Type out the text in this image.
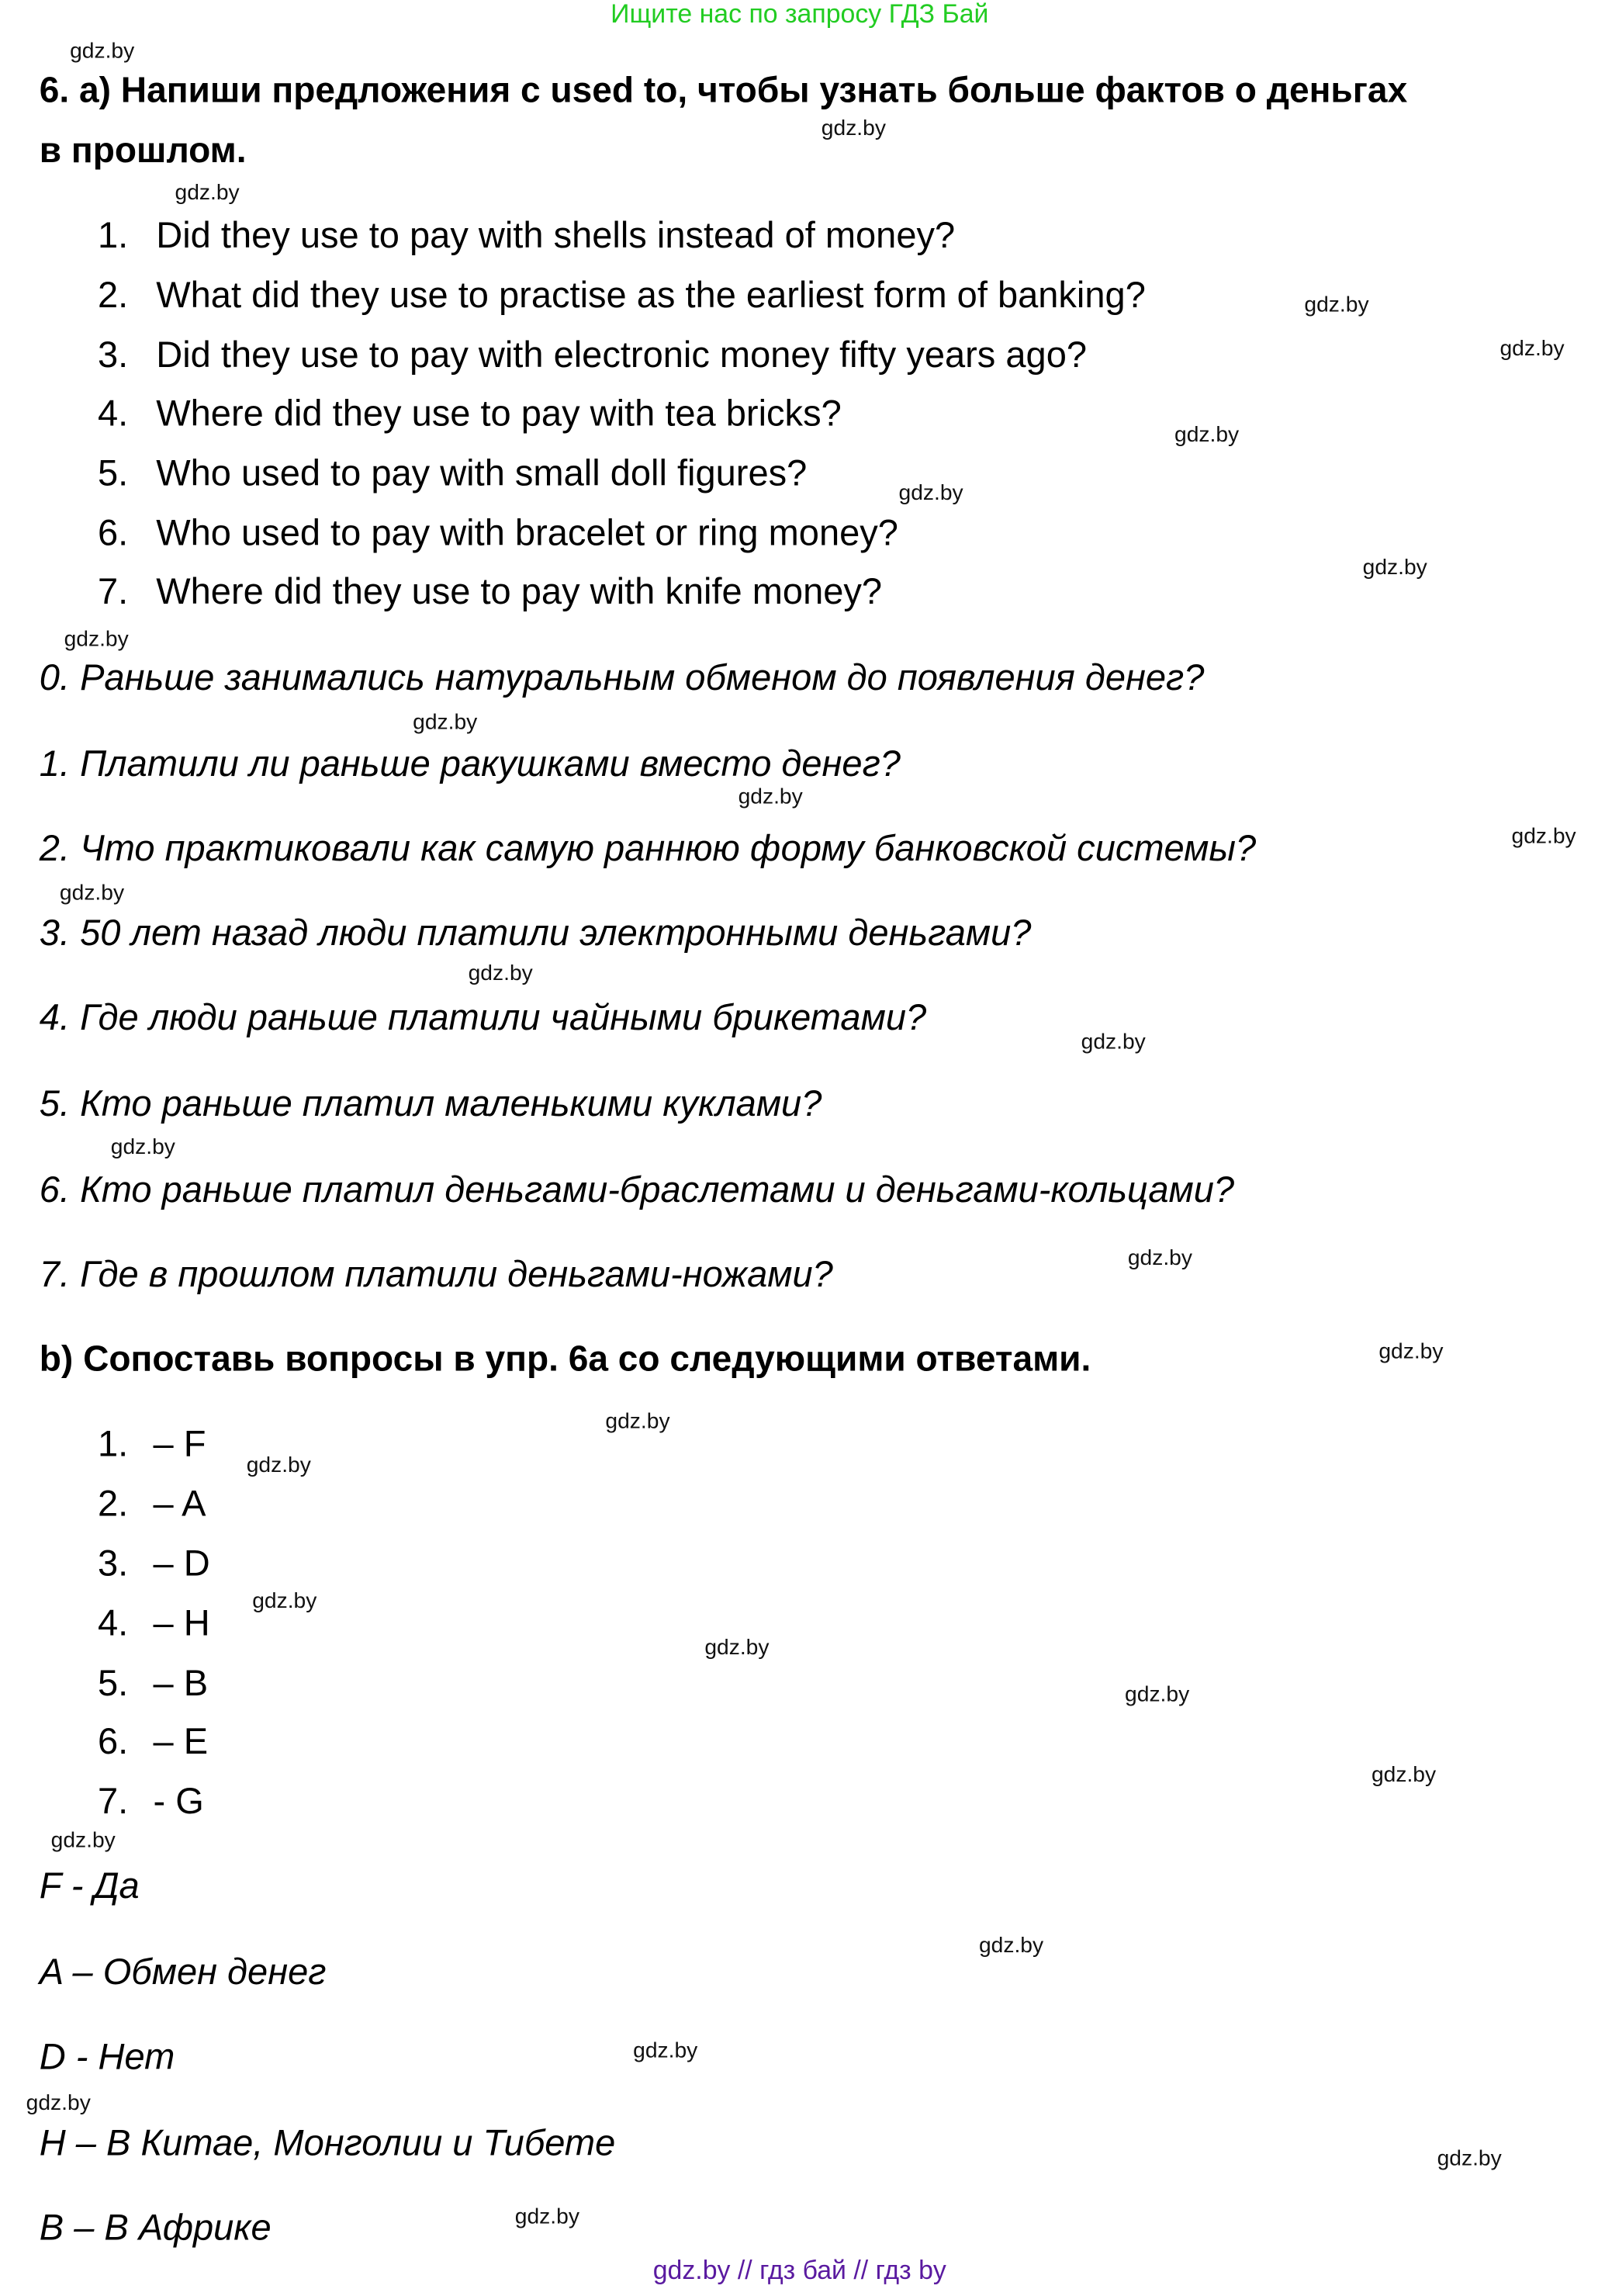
Ищите нас по запросу ГДЗ Бай
6. a) Напиши предложения с used to, чтобы узнать больше фактов о деньгах
в прошлом.
1. Did they use to pay with shells instead of money?
2. What did they use to practise as the earliest form of banking?
3. Did they use to pay with electronic money fifty years ago?
4. Where did they use to pay with tea bricks?
5. Who used to pay with small doll figures?
6. Who used to pay with bracelet or ring money?
7. Where did they use to pay with knife money?
0. Раньше занимались натуральным обменом до появления денег?
1. Платили ли раньше ракушками вместо денег?
2. Что практиковали как самую раннюю форму банковской системы?
3. 50 лет назад люди платили электронными деньгами?
4. Где люди раньше платили чайными брикетами?
5. Кто раньше платил маленькими куклами?
6. Кто раньше платил деньгами-браслетами и деньгами-кольцами?
7. Где в прошлом платили деньгами-ножами?
b) Сопоставь вопросы в упр. 6а со следующими ответами.
1. – F
2. – A
3. – D
4. – H
5. – B
6. – E
7. - G
F - Да
A – Обмен денег
D - Нет
H – В Китае, Монголии и Тибете
B – В Африке
gdz.by // гдз бай // гдз by
gdz.by
gdz.by
gdz.by
gdz.by
gdz.by
gdz.by
gdz.by
gdz.by
gdz.by
gdz.by
gdz.by
gdz.by
gdz.by
gdz.by
gdz.by
gdz.by
gdz.by
gdz.by
gdz.by
gdz.by
gdz.by
gdz.by
gdz.by
gdz.by
gdz.by
gdz.by
gdz.by
gdz.by
gdz.by
gdz.by
